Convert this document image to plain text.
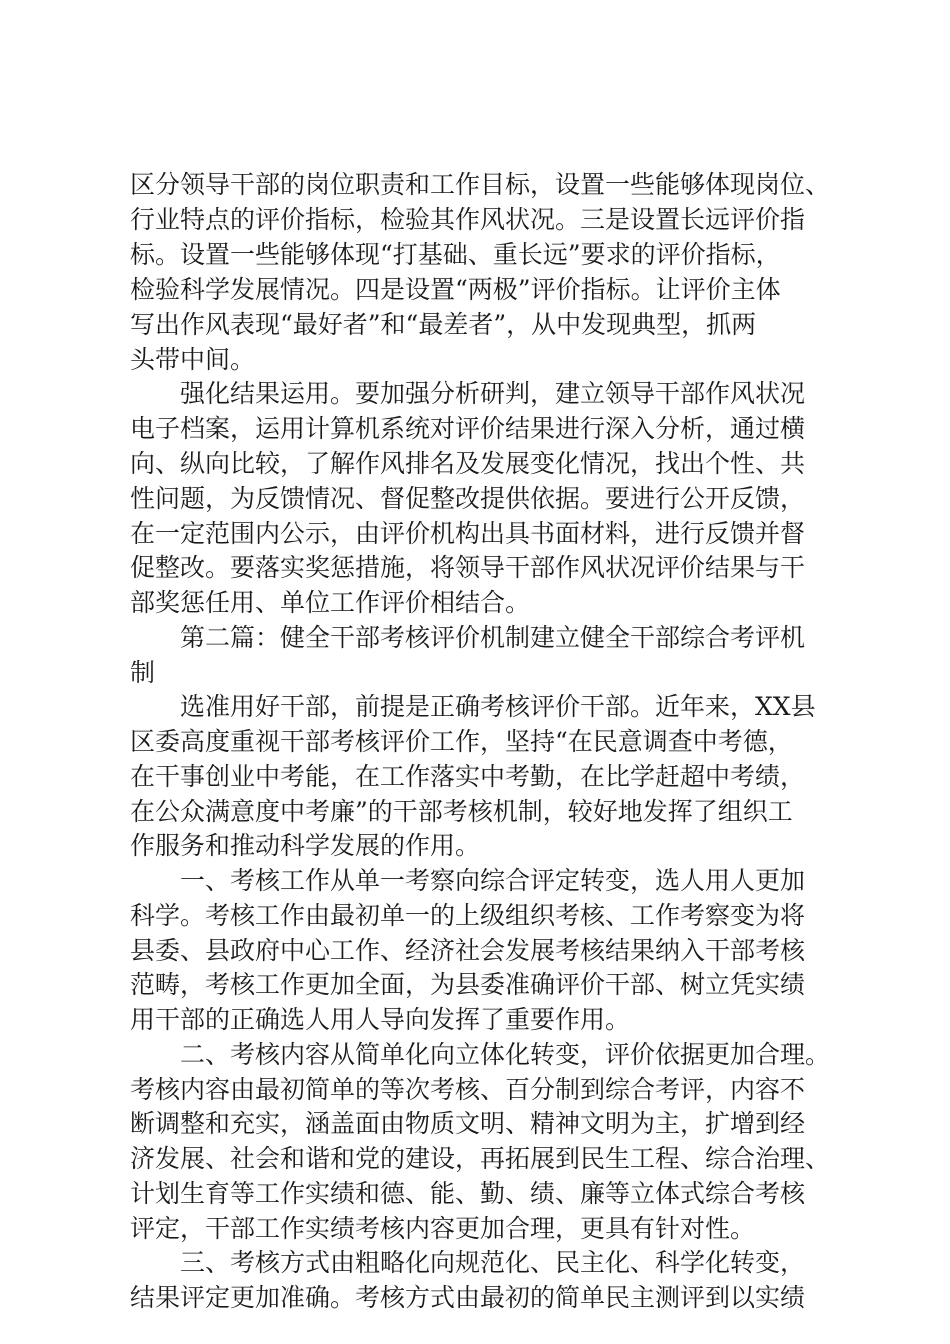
区分领导干部的岗位职责和工作目标，设置一些能够体现岗位、
行业特点的评价指标，检验其作风状况。三是设置长远评价指
标。设置一些能够体现“打基础、重长远”要求的评价指标，
检验科学发展情况。四是设置“两极”评价指标。让评价主体
写出作风表现“最好者”和“最差者”，从中发现典型，抓两
头带中间。
　　强化结果运用。要加强分析研判，建立领导干部作风状况
电子档案，运用计算机系统对评价结果进行深入分析，通过横
向、纵向比较，了解作风排名及发展变化情况，找出个性、共
性问题，为反馈情况、督促整改提供依据。要进行公开反馈，
在一定范围内公示，由评价机构出具书面材料，进行反馈并督
促整改。要落实奖惩措施，将领导干部作风状况评价结果与干
部奖惩任用、单位工作评价相结合。
　　第二篇：健全干部考核评价机制建立健全干部综合考评机
制
　　选准用好干部，前提是正确考核评价干部。近年来，XX县
区委高度重视干部考核评价工作，坚持“在民意调查中考德，
在干事创业中考能，在工作落实中考勤，在比学赶超中考绩，
在公众满意度中考廉”的干部考核机制，较好地发挥了组织工
作服务和推动科学发展的作用。
　　一、考核工作从单一考察向综合评定转变，选人用人更加
科学。考核工作由最初单一的上级组织考核、工作考察变为将
县委、县政府中心工作、经济社会发展考核结果纳入干部考核
范畴，考核工作更加全面，为县委准确评价干部、树立凭实绩
用干部的正确选人用人导向发挥了重要作用。
　　二、考核内容从简单化向立体化转变，评价依据更加合理。
考核内容由最初简单的等次考核、百分制到综合考评，内容不
断调整和充实，涵盖面由物质文明、精神文明为主，扩增到经
济发展、社会和谐和党的建设，再拓展到民生工程、综合治理、
计划生育等工作实绩和德、能、勤、绩、廉等立体式综合考核
评定，干部工作实绩考核内容更加合理，更具有针对性。
　　三、考核方式由粗略化向规范化、民主化、科学化转变，
结果评定更加准确。考核方式由最初的简单民主测评到以实绩
